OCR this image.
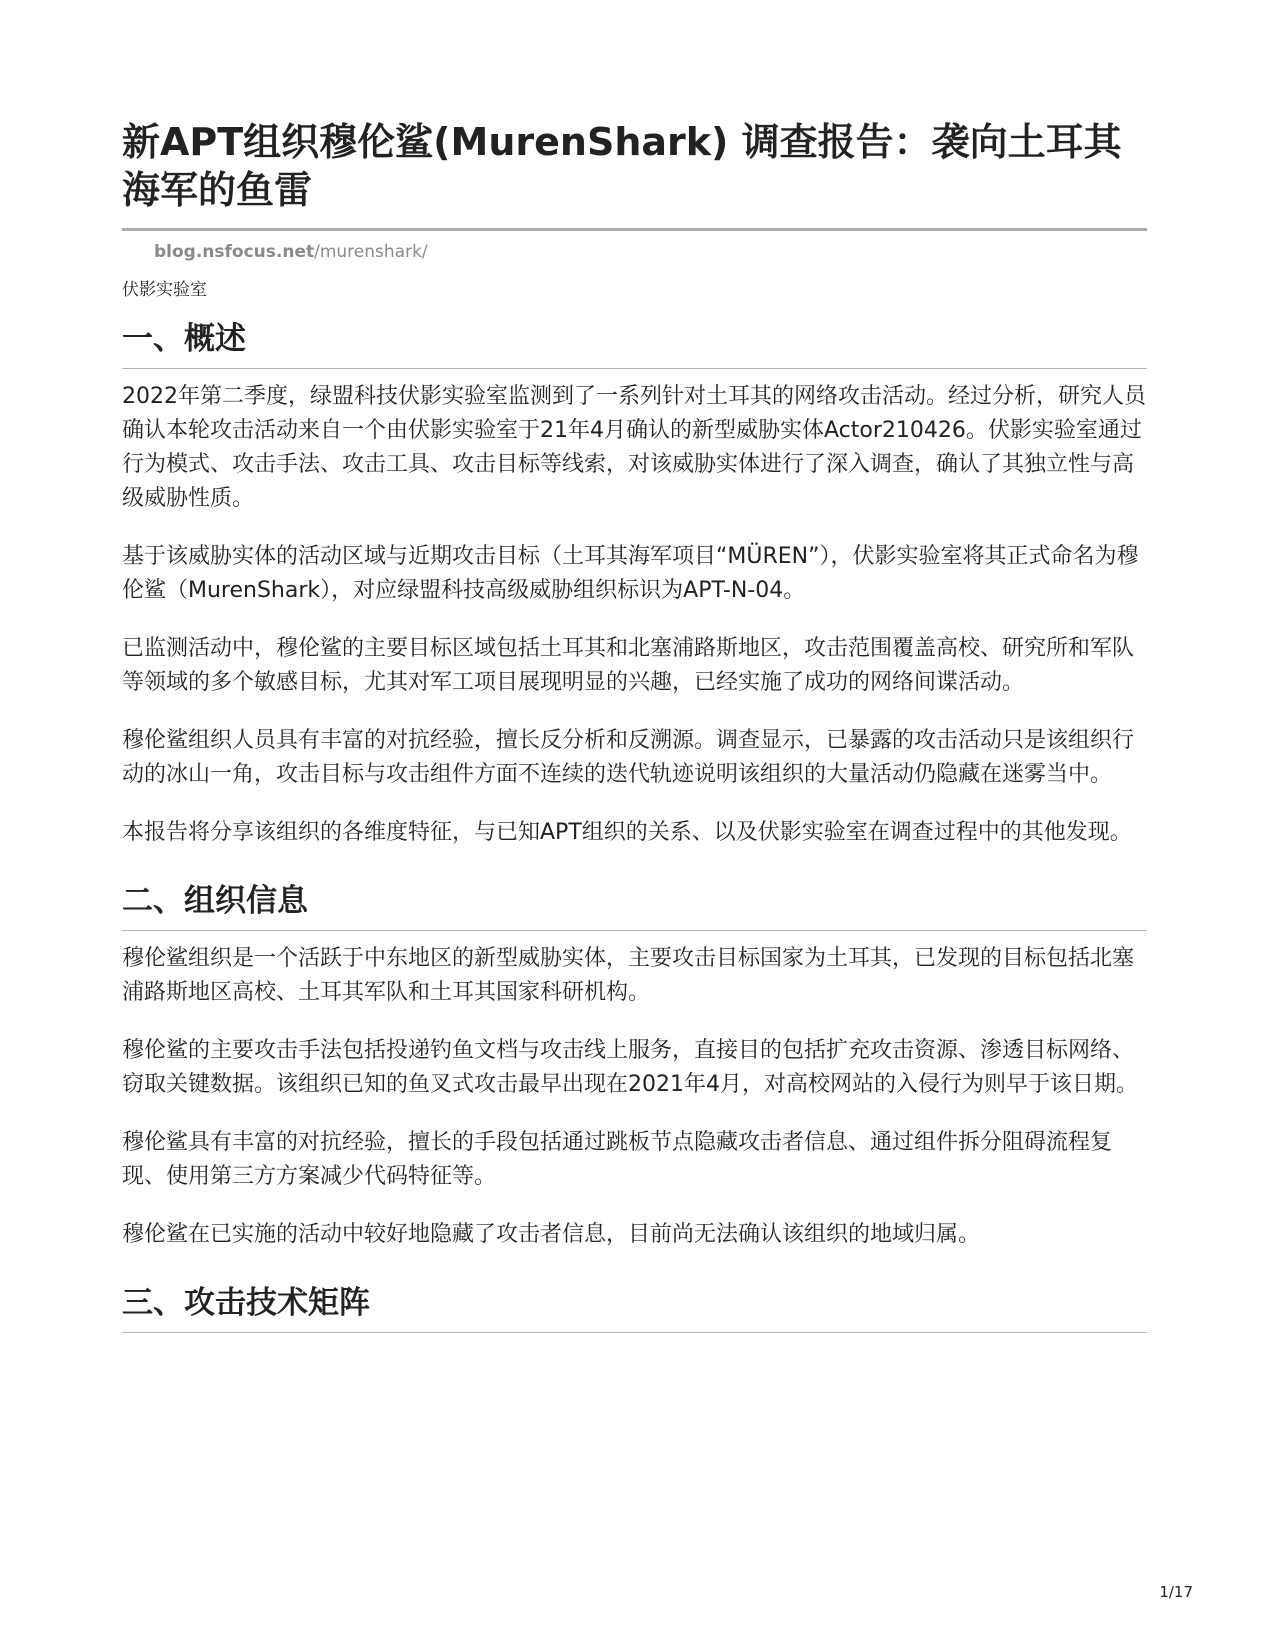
新APT组织穆伦鲨(MurenShark) 调查报告：袭向土耳其海军的鱼雷
blog.nsfocus.net/murenshark/
伏影实验室
一、概述

2022年第二季度，绿盟科技伏影实验室监测到了一系列针对土耳其的网络攻击活动。经过分析，研究人员确认本轮攻击活动来自一个由伏影实验室于21年4月确认的新型威胁实体Actor210426。伏影实验室通过行为模式、攻击手法、攻击工具、攻击目标等线索，对该威胁实体进行了深入调查，确认了其独立性与高级威胁性质。

基于该威胁实体的活动区域与近期攻击目标（土耳其海军项目“MÜREN”），伏影实验室将其正式命名为穆伦鲨（MurenShark），对应绿盟科技高级威胁组织标识为APT-N-04。

已监测活动中，穆伦鲨的主要目标区域包括土耳其和北塞浦路斯地区，攻击范围覆盖高校、研究所和军队等领域的多个敏感目标，尤其对军工项目展现明显的兴趣，已经实施了成功的网络间谍活动。

穆伦鲨组织人员具有丰富的对抗经验，擅长反分析和反溯源。调查显示，已暴露的攻击活动只是该组织行动的冰山一角，攻击目标与攻击组件方面不连续的迭代轨迹说明该组织的大量活动仍隐藏在迷雾当中。

本报告将分享该组织的各维度特征，与已知APT组织的关系、以及伏影实验室在调查过程中的其他发现。

二、组织信息

穆伦鲨组织是一个活跃于中东地区的新型威胁实体，主要攻击目标国家为土耳其，已发现的目标包括北塞浦路斯地区高校、土耳其军队和土耳其国家科研机构。

穆伦鲨的主要攻击手法包括投递钓鱼文档与攻击线上服务，直接目的包括扩充攻击资源、渗透目标网络、窃取关键数据。该组织已知的鱼叉式攻击最早出现在2021年4月，对高校网站的入侵行为则早于该日期。

穆伦鲨具有丰富的对抗经验，擅长的手段包括通过跳板节点隐藏攻击者信息、通过组件拆分阻碍流程复现、使用第三方方案减少代码特征等。

穆伦鲨在已实施的活动中较好地隐藏了攻击者信息，目前尚无法确认该组织的地域归属。

三、攻击技术矩阵
1/17
